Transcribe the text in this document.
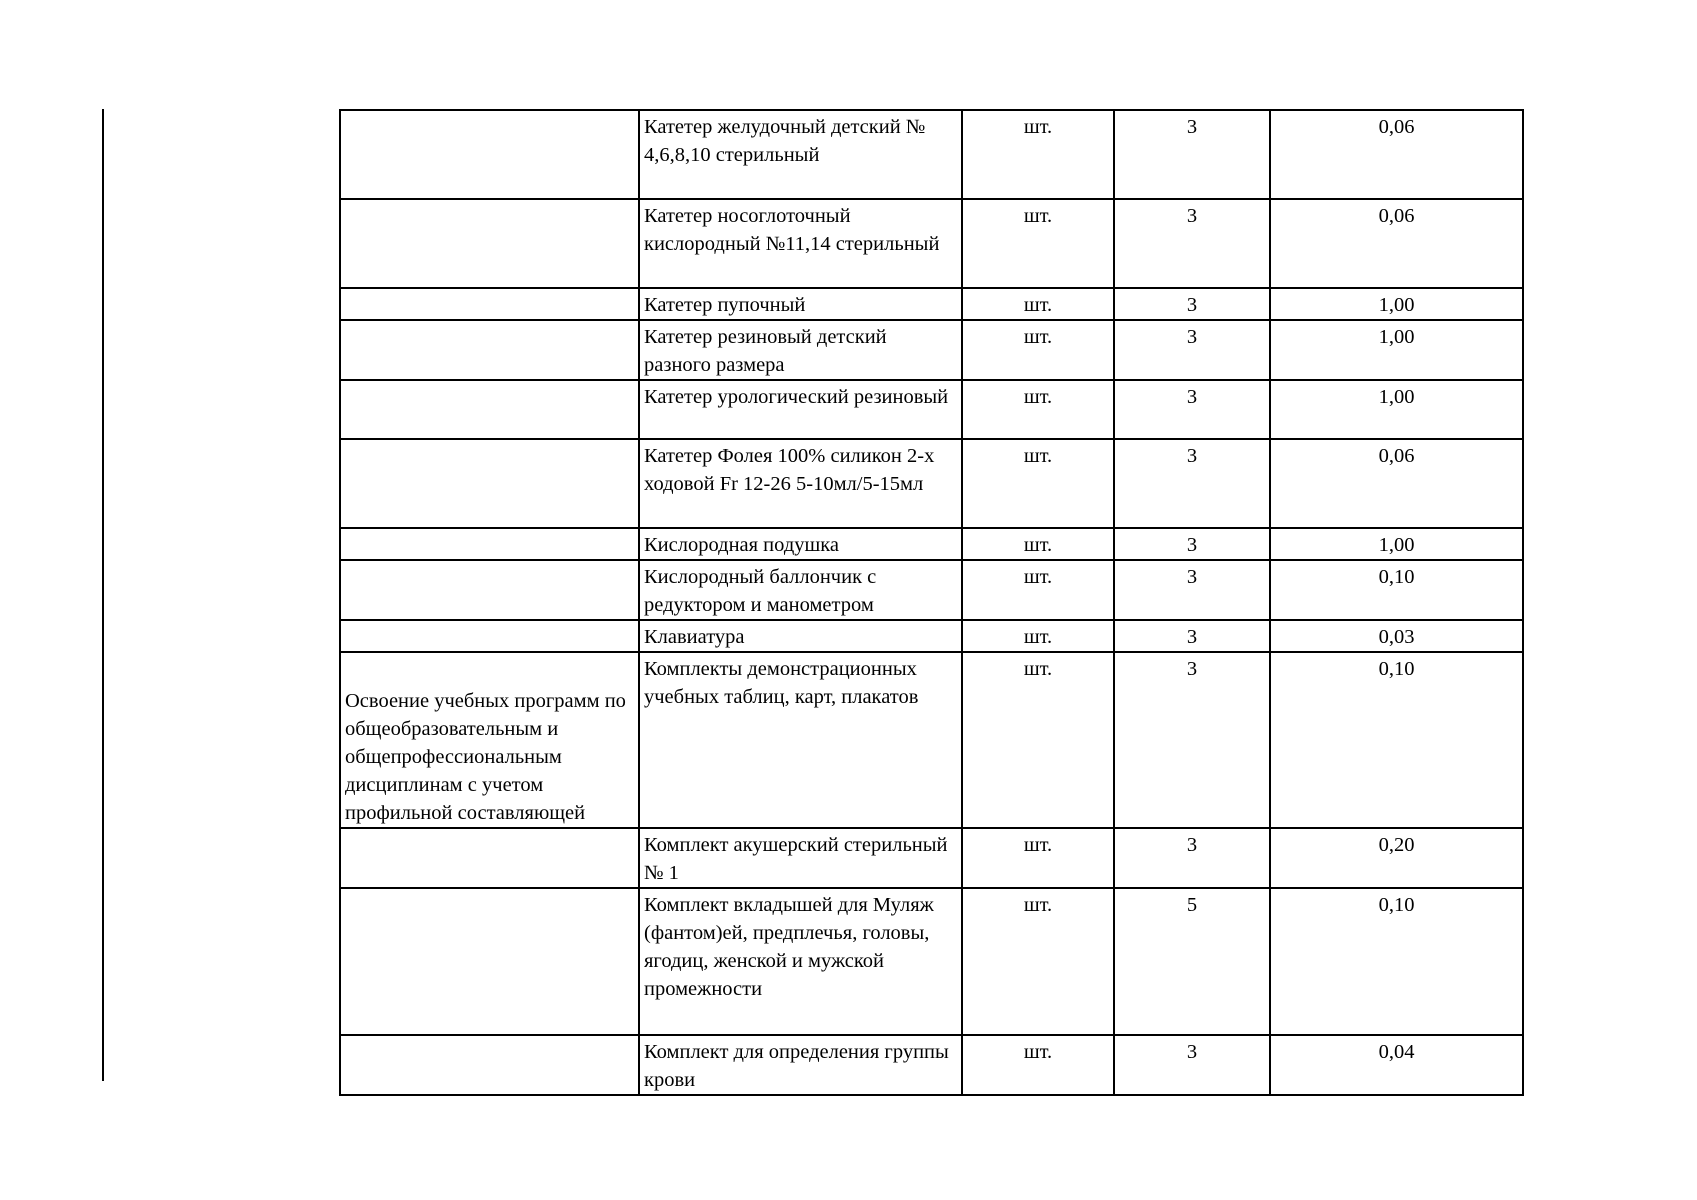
	Катетер желудочный детский № 4,6,8,10 стерильный	шт.	3	0,06
	Катетер носоглоточный кислородный №11,14 стерильный	шт.	3	0,06
	Катетер пупочный	шт.	3	1,00
	Катетер резиновый детский разного размера	шт.	3	1,00
	Катетер урологический резиновый	шт.	3	1,00
	Катетер Фолея 100% силикон 2-х ходовой Fr 12-26 5-10мл/5-15мл	шт.	3	0,06
	Кислородная подушка	шт.	3	1,00
	Кислородный баллончик с редуктором и манометром	шт.	3	0,10
	Клавиатура	шт.	3	0,03
Освоение учебных программ по общеобразовательным и общепрофессиональным дисциплинам с учетом профильной составляющей	Комплекты демонстрационных учебных таблиц, карт, плакатов	шт.	3	0,10
	Комплект акушерский стерильный № 1	шт.	3	0,20
	Комплект вкладышей для Муляж (фантом)ей, предплечья, головы, ягодиц, женской и мужской промежности	шт.	5	0,10
	Комплект для определения группы крови	шт.	3	0,04
